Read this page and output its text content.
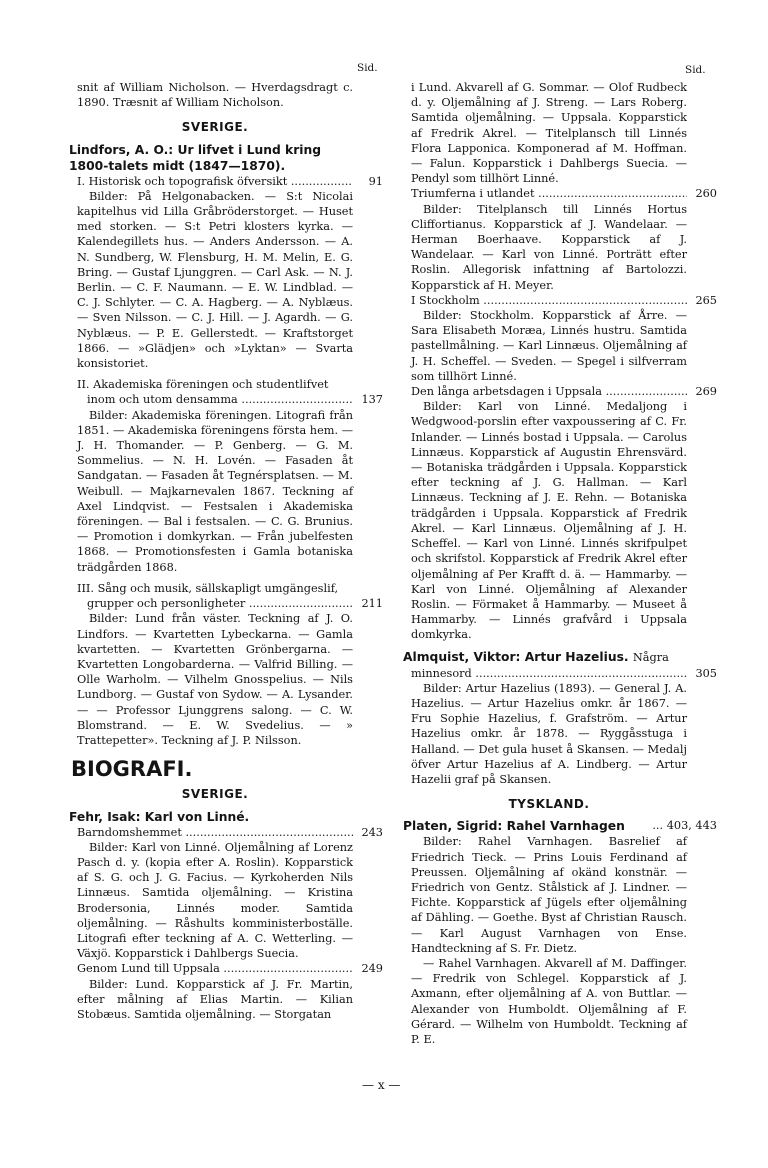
Sid.	Sid.

snit af William Nicholson. — Hverdagsdragt c. 1890. Træsnit af William Nicholson.

SVERIGE.
Lindfors, A. O.: Ur lifvet i Lund kring 1800-talets midt (1847—1870).
I. Historisk och topografisk öfversikt .....	91

Bilder: På Helgonabacken. — S:t Nicolai kapitelhus vid Lilla Gråbröderstorget. — Huset med storken. — S:t Petri klosters kyrka. — Kalendegillets hus. — Anders Andersson. — A. N. Sundberg, W. Flensburg, H. M. Melin, E. G. Bring. — Gustaf Ljunggren. — Carl Ask. — N. J. Berlin. — C. F. Naumann. — E. W. Lindblad. — C. J. Schlyter. — C. A. Hagberg. — A. Nyblæus. — Sven Nilsson. — C. J. Hill. — J. Agardh. — G. Nyblæus. — P. E. Gellerstedt. — Kraftstorget 1866. — »Glädjen» och »Lyktan» — Svarta konsistoriet.

II. Akademiska föreningen och studentlifvet
inom och utom densamma .....	137

Bilder: Akademiska föreningen. Litografi från 1851. — Akademiska föreningens första hem. — J. H. Thomander. — P. Genberg. — G. M. Sommelius. — N. H. Lovén. — Fasaden åt Sandgatan. — Fasaden åt Tegnérsplatsen. — M. Weibull. — Majkarnevalen 1867. Teckning af Axel Lindqvist. — Festsalen i Akademiska föreningen. — Bal i festsalen. — C. G. Brunius. — Promotion i domkyrkan. — Från jubelfesten 1868. — Promotionsfesten i Gamla botaniska trädgården 1868.

III. Sång och musik, sällskapligt umgängeslif,
grupper och personligheter .....	211

Bilder: Lund från väster. Teckning af J. O. Lindfors. — Kvartetten Lybeckarna. — Gamla kvartetten. — Kvartetten Grönbergarna. — Kvartetten Longobarderna. — Valfrid Billing. — Olle Warholm. — Vilhelm Gnosspelius. — Nils Lundborg. — Gustaf von Sydow. — A. Lysander. — — Professor Ljunggrens salong. — C. W. Blomstrand. — E. W. Svedelius. — » Trattepetter». Teckning af J. P. Nilsson.

BIOGRAFI.
SVERIGE.
Fehr, Isak: Karl von Linné.
Barndomshemmet .....	243

Bilder: Karl von Linné. Oljemålning af Lorenz Pasch d. y. (kopia efter A. Roslin). Kopparstick af S. G. och J. G. Facius. — Kyrkoherden Nils Linnæus. Samtida oljemålning. — Kristina Brodersonia, Linnés moder. Samtida oljemålning. — Råshults komministerboställe. Litografi efter teckning af A. C. Wetterling. — Växjö. Kopparstick i Dahlbergs Suecia.

Genom Lund till Uppsala .....	249

Bilder: Lund. Kopparstick af J. Fr. Martin, efter målning af Elias Martin. — Kilian Stobæus. Samtida oljemålning. — Storgatan

i Lund. Akvarell af G. Sommar. — Olof Rudbeck d. y. Oljemålning af J. Streng. — Lars Roberg. Samtida oljemålning. — Uppsala. Kopparstick af Fredrik Akrel. — Titelplansch till Linnés Flora Lapponica. Komponerad af M. Hoffman. — Falun. Kopparstick i Dahlbergs Suecia. — Pendyl som tillhört Linné.

Triumferna i utlandet .....	260

Bilder: Titelplansch till Linnés Hortus Cliffortianus. Kopparstick af J. Wandelaar. — Herman Boerhaave. Kopparstick af J. Wandelaar. — Karl von Linné. Porträtt efter Roslin. Allegorisk infattning af Bartolozzi. Kopparstick af H. Meyer.

I Stockholm .....	265

Bilder: Stockholm. Kopparstick af Årre. — Sara Elisabeth Moræa, Linnés hustru. Samtida pastellmålning. — Karl Linnæus. Oljemålning af J. H. Scheffel. — Sveden. — Spegel i silfverram som tillhört Linné.

Den långa arbetsdagen i Uppsala .....	269

Bilder: Karl von Linné. Medaljong i Wedgwood-porslin efter vaxpoussering af C. Fr. Inlander. — Linnés bostad i Uppsala. — Carolus Linnæus. Kopparstick af Augustin Ehrensvärd. — Botaniska trädgården i Uppsala. Kopparstick efter teckning af J. G. Hallman. — Karl Linnæus. Teckning af J. E. Rehn. — Botaniska trädgården i Uppsala. Kopparstick af Fredrik Akrel. — Karl Linnæus. Oljemålning af J. H. Scheffel. — Karl von Linné. Linnés skrifpulpet och skrifstol. Kopparstick af Fredrik Akrel efter oljemålning af Per Krafft d. ä. — Hammarby. — Karl von Linné. Oljemålning af Alexander Roslin. — Förmaket å Hammarby. — Museet å Hammarby. — Linnés grafvård i Uppsala domkyrka.

Almquist, Viktor: Artur Hazelius. Några
minnesord .....	305

Bilder: Artur Hazelius (1893). — General J. A. Hazelius. — Artur Hazelius omkr. år 1867. — Fru Sophie Hazelius, f. Grafström. — Artur Hazelius omkr. år 1878. — Ryggåsstuga i Halland. — Det gula huset å Skansen. — Medalj öfver Artur Hazelius af A. Lindberg. — Artur Hazelii graf på Skansen.

TYSKLAND.
Platen, Sigrid: Rahel Varnhagen ... 403, 443

Bilder: Rahel Varnhagen. Basrelief af Friedrich Tieck. — Prins Louis Ferdinand af Preussen. Oljemålning af okänd konstnär. — Friedrich von Gentz. Stålstick af J. Lindner. — Fichte. Kopparstick af Jügels efter oljemålning af Dähling. — Goethe. Byst af Christian Rausch. — Karl August Varnhagen von Ense. Handteckning af S. Fr. Dietz.

— Rahel Varnhagen. Akvarell af M. Daffinger. — Fredrik von Schlegel. Kopparstick af J. Axmann, efter oljemålning af A. von Buttlar. — Alexander von Humboldt. Oljemålning af F. Gérard. — Wilhelm von Humboldt. Teckning af P. E.

— x —
